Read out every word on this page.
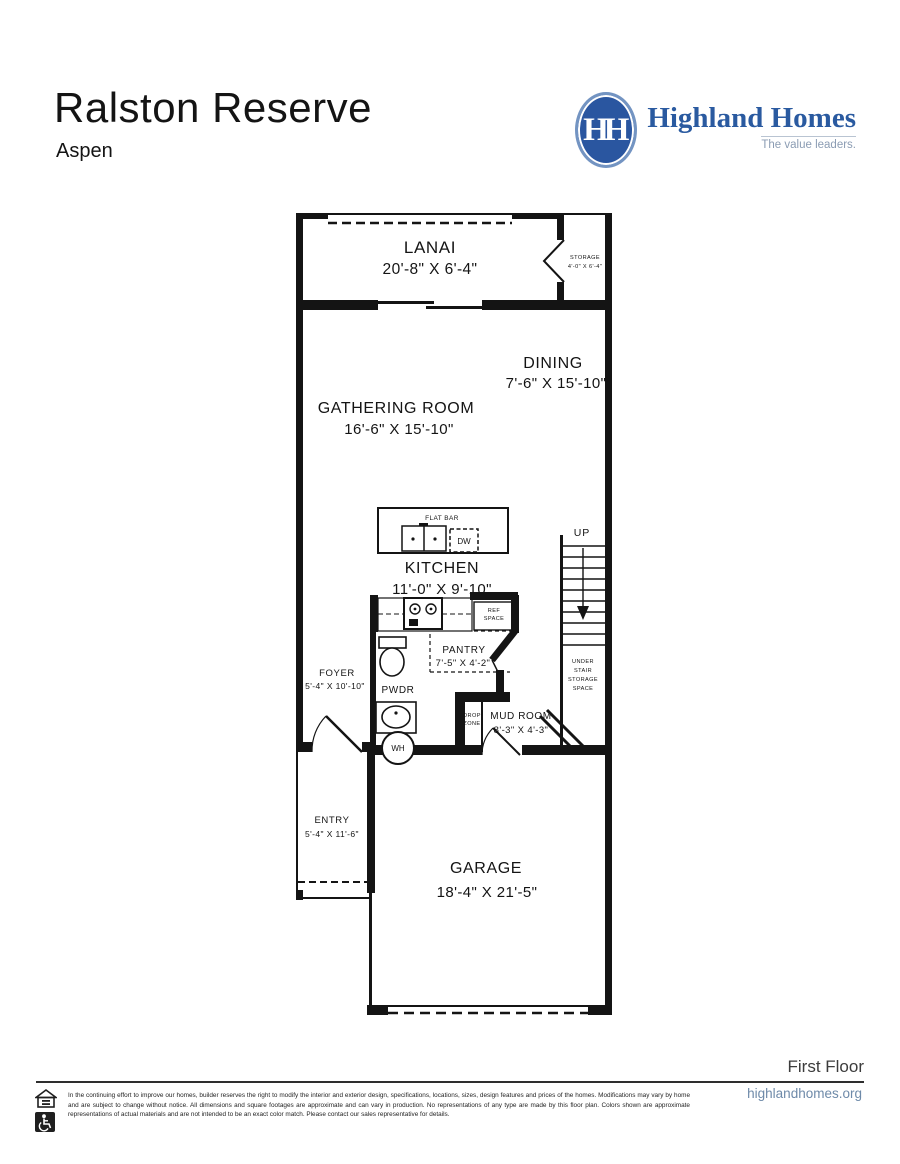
Ralston Reserve
Aspen
HH Highland Homes
The value leaders.
LANAI
20'-8" X 6'-4"
STORAGE
4'-0" X 6'-4"
DINING
7'-6" X 15'-10"
GATHERING ROOM
16'-6" X 15'-10"
FLAT BAR
DW
KITCHEN
11'-0" X 9'-10"
UP
REF
SPACE
PANTRY
7'-5" X 4'-2"	UNDER
STAIR
STORAGE
SPACE
FOYER
5'-4" X 10'-10" PWDR
DROP
ZONE
MUD ROOM
8'-3" X 4'-3"
WH
ENTRY
5'-4" X 11'-6"
GARAGE
18'-4" X 21'-5"
First Floor
In the continuing effort to improve our homes, builder reserves the right to modify the interior and exterior design, specifications, locations, sizes, design features and prices of the homes. Modifications may vary by home and are subject to change without notice. All dimensions and square footages are approximate and can vary in production. No representations of any type are made by this floor plan. Colors shown are approximate representations of actual materials and are not intended to be an exact color match. Please contact our sales representative for details.
highlandhomes.org
